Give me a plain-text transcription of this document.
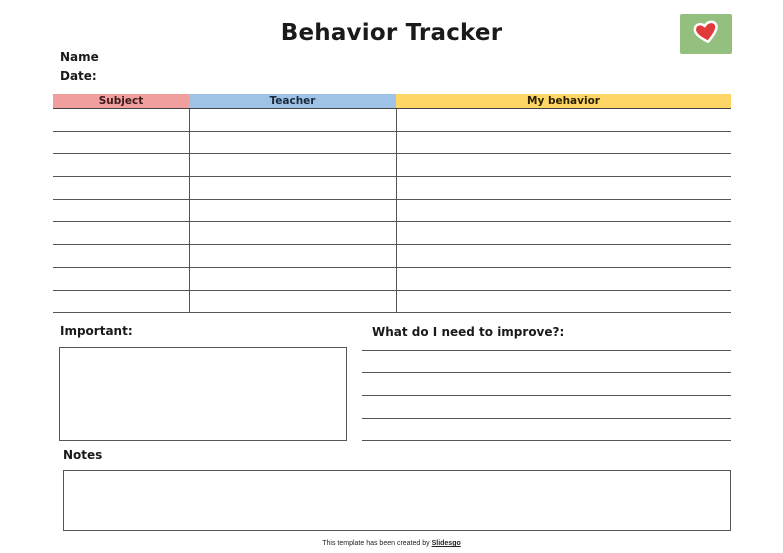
Behavior Tracker
Name
Date:
Subject	Teacher	My behavior
Important:	What do I need to improve?:
Notes
This template has been created by Slidesgo
